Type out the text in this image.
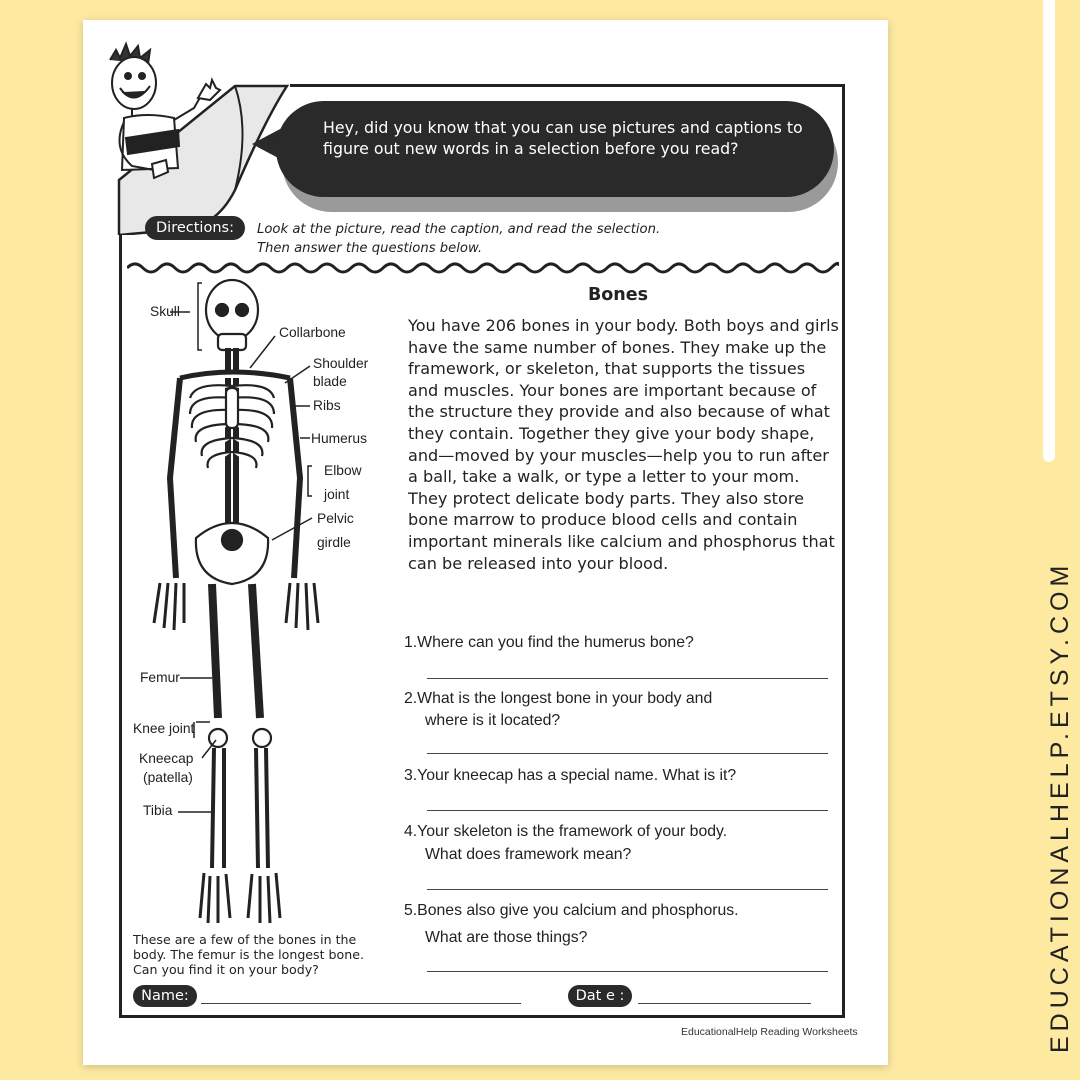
EDUCATIONALHELP.ETSY.COM
Hey, did you know that you can use pictures and captions to figure out new words in a selection before you read?
Directions:	Look at the picture, read the caption, and read the selection.
Then answer the questions below.
Skull
Collarbone
Shoulder
blade
Ribs
Humerus
Elbow
joint
Pelvic
girdle
Femur
Knee joint
Kneecap
(patella)
Tibia
These are a few of the bones in the
body. The femur is the longest bone.
Can you find it on your body?
Bones
You have 206 bones in your body. Both boys and girls have the same number of bones. They make up the framework, or skeleton, that supports the tissues and muscles. Your bones are important because of the structure they provide and also because of what they contain. Together they give your body shape, and—moved by your muscles—help you to run after a ball, take a walk, or type a letter to your mom. They protect delicate body parts. They also store bone marrow to produce blood cells and contain important minerals like calcium and phosphorus that can be released into your blood.
1.Where can you find the humerus bone?
2.What is the longest bone in your body and
where is it located?
3.Your kneecap has a special name. What is it?
4.Your skeleton is the framework of your body.
What does framework mean?
5.Bones also give you calcium and phosphorus.
What are those things?
Name:	Dat e :
EducationalHelp Reading Worksheets
